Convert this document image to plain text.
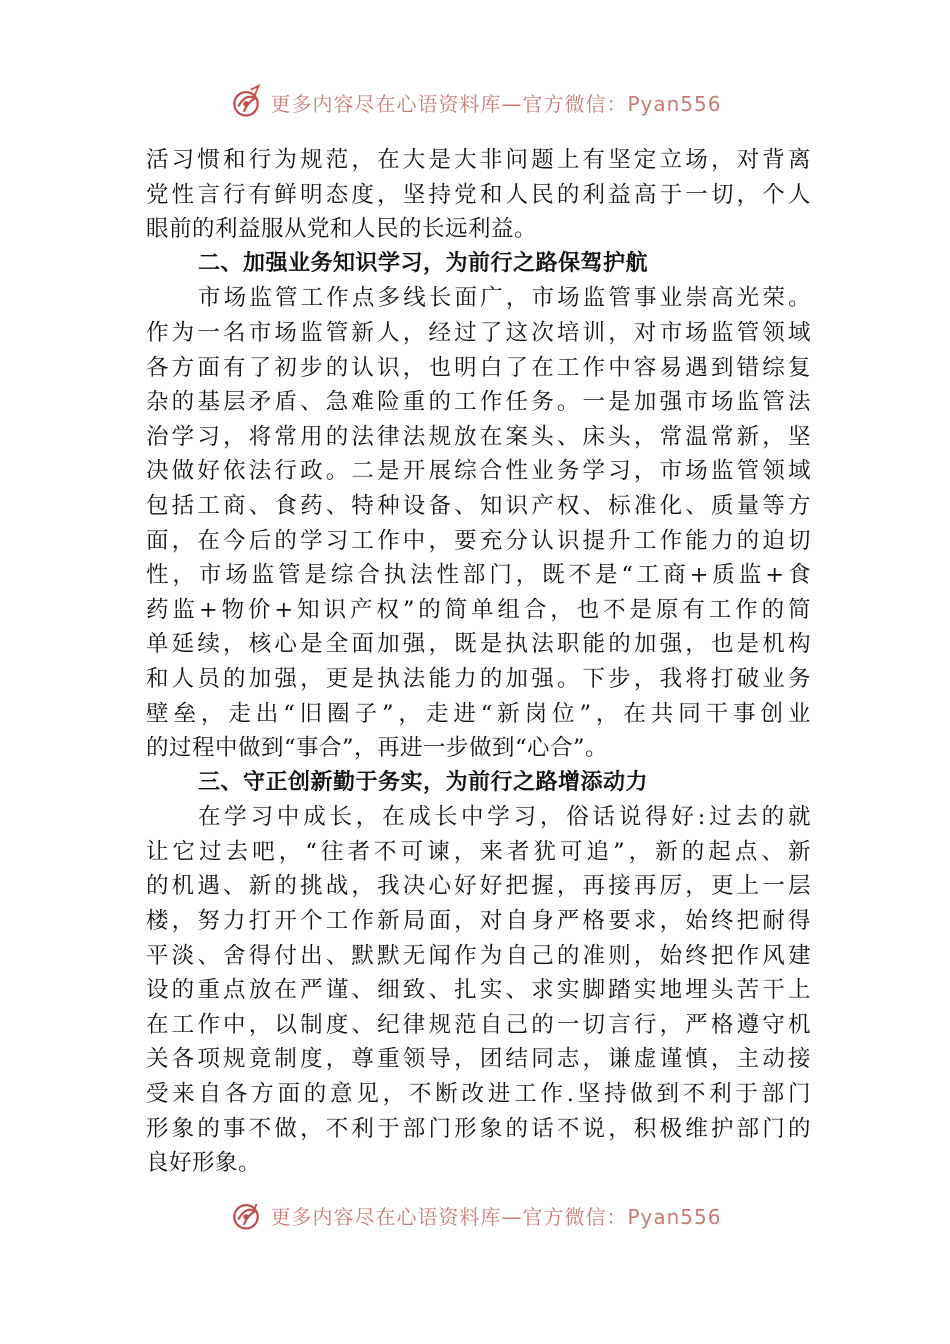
更多内容尽在心语资料库—官方微信：Pyan556
活习惯和行为规范，在大是大非问题上有坚定立场，对背离
党性言行有鲜明态度，坚持党和人民的利益高于一切，个人
眼前的利益服从党和人民的长远利益。
二、加强业务知识学习，为前行之路保驾护航
市场监管工作点多线长面广，市场监管事业崇高光荣。
作为一名市场监管新人，经过了这次培训，对市场监管领域
各方面有了初步的认识，也明白了在工作中容易遇到错综复
杂的基层矛盾、急难险重的工作任务。一是加强市场监管法
治学习，将常用的法律法规放在案头、床头，常温常新，坚
决做好依法行政。二是开展综合性业务学习，市场监管领域
包括工商、食药、特种设备、知识产权、标准化、质量等方
面，在今后的学习工作中，要充分认识提升工作能力的迫切
性，市场监管是综合执法性部门，既不是“工商+质监+食
药监+物价+知识产权”的简单组合，也不是原有工作的简
单延续，核心是全面加强，既是执法职能的加强，也是机构
和人员的加强，更是执法能力的加强。下步，我将打破业务
壁垒，走出“旧圈子”，走进“新岗位”，在共同干事创业
的过程中做到“事合”，再进一步做到“心合”。
三、守正创新勤于务实，为前行之路增添动力
在学习中成长，在成长中学习，俗话说得好:过去的就
让它过去吧，“往者不可谏，来者犹可追”，新的起点、新
的机遇、新的挑战，我决心好好把握，再接再厉，更上一层
楼，努力打开个工作新局面，对自身严格要求，始终把耐得
平淡、舍得付出、默默无闻作为自己的准则，始终把作风建
设的重点放在严谨、细致、扎实、求实脚踏实地埋头苦干上
在工作中，以制度、纪律规范自己的一切言行，严格遵守机
关各项规竟制度，尊重领导，团结同志，谦虚谨慎，主动接
受来自各方面的意见，不断改进工作.坚持做到不利于部门
形象的事不做，不利于部门形象的话不说，积极维护部门的
良好形象。
更多内容尽在心语资料库—官方微信：Pyan556
